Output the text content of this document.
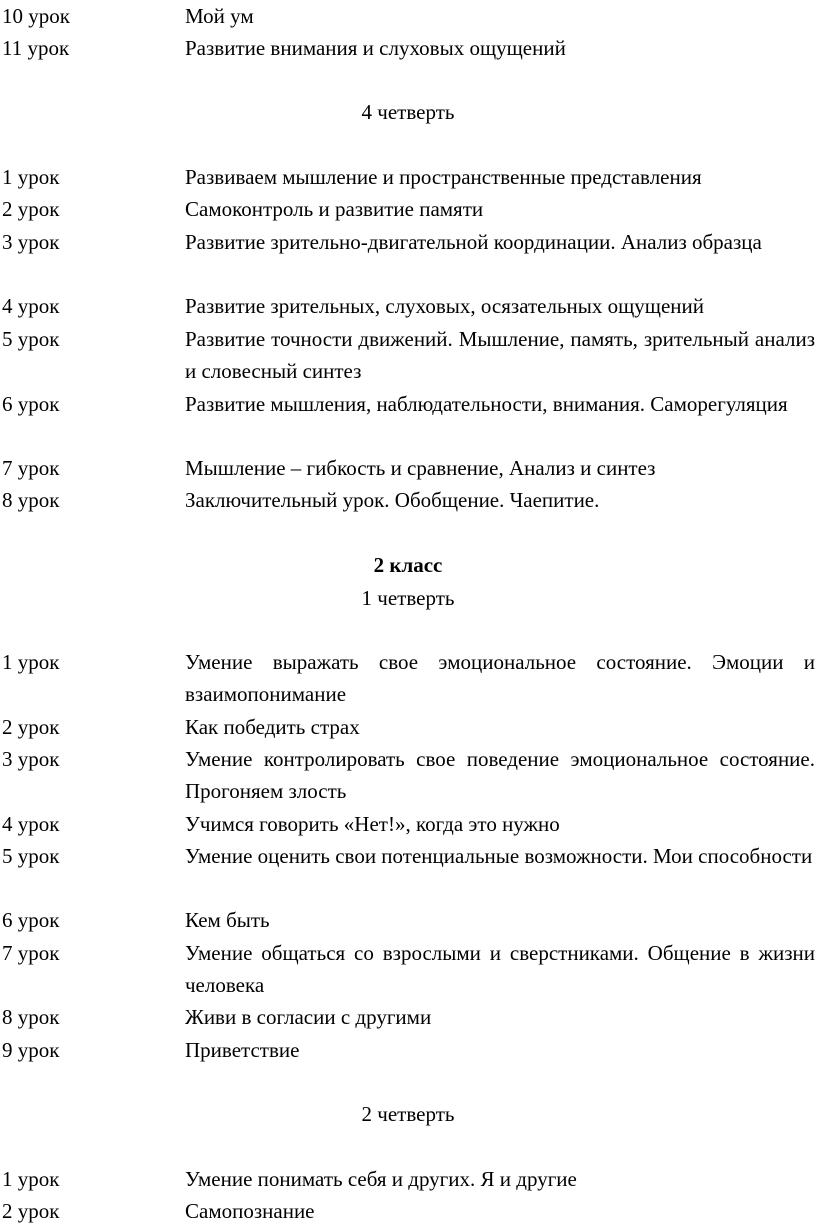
10 урок	Мой ум
11 урок	Развитие внимания и слуховых ощущений
4 четверть
1 урок	Развиваем мышление и пространственные представления
2 урок	Самоконтроль и развитие памяти
3 урок	Развитие зрительно-двигательной координации. Анализ образца
4 урок	Развитие зрительных, слуховых, осязательных ощущений
5 урок	Развитие точности движений. Мышление, память, зрительный анализ и словесный синтез
6 урок	Развитие мышления, наблюдательности, внимания. Саморегуляция
7 урок	Мышление – гибкость и сравнение, Анализ и синтез
8 урок	Заключительный урок. Обобщение. Чаепитие.
2 класс
1 четверть
1 урок	Умение выражать свое эмоциональное состояние. Эмоции и взаимопонимание
2 урок	Как победить страх
3 урок	Умение контролировать свое поведение эмоциональное состояние. Прогоняем злость
4 урок	Учимся говорить «Нет!», когда это нужно
5 урок	Умение оценить свои потенциальные возможности. Мои способности
6 урок	Кем быть
7 урок	Умение общаться со взрослыми и сверстниками. Общение в жизни человека
8 урок	Живи в согласии с другими
9 урок	Приветствие
2 четверть
1 урок	Умение понимать себя и других. Я и другие
2 урок	Самопознание
